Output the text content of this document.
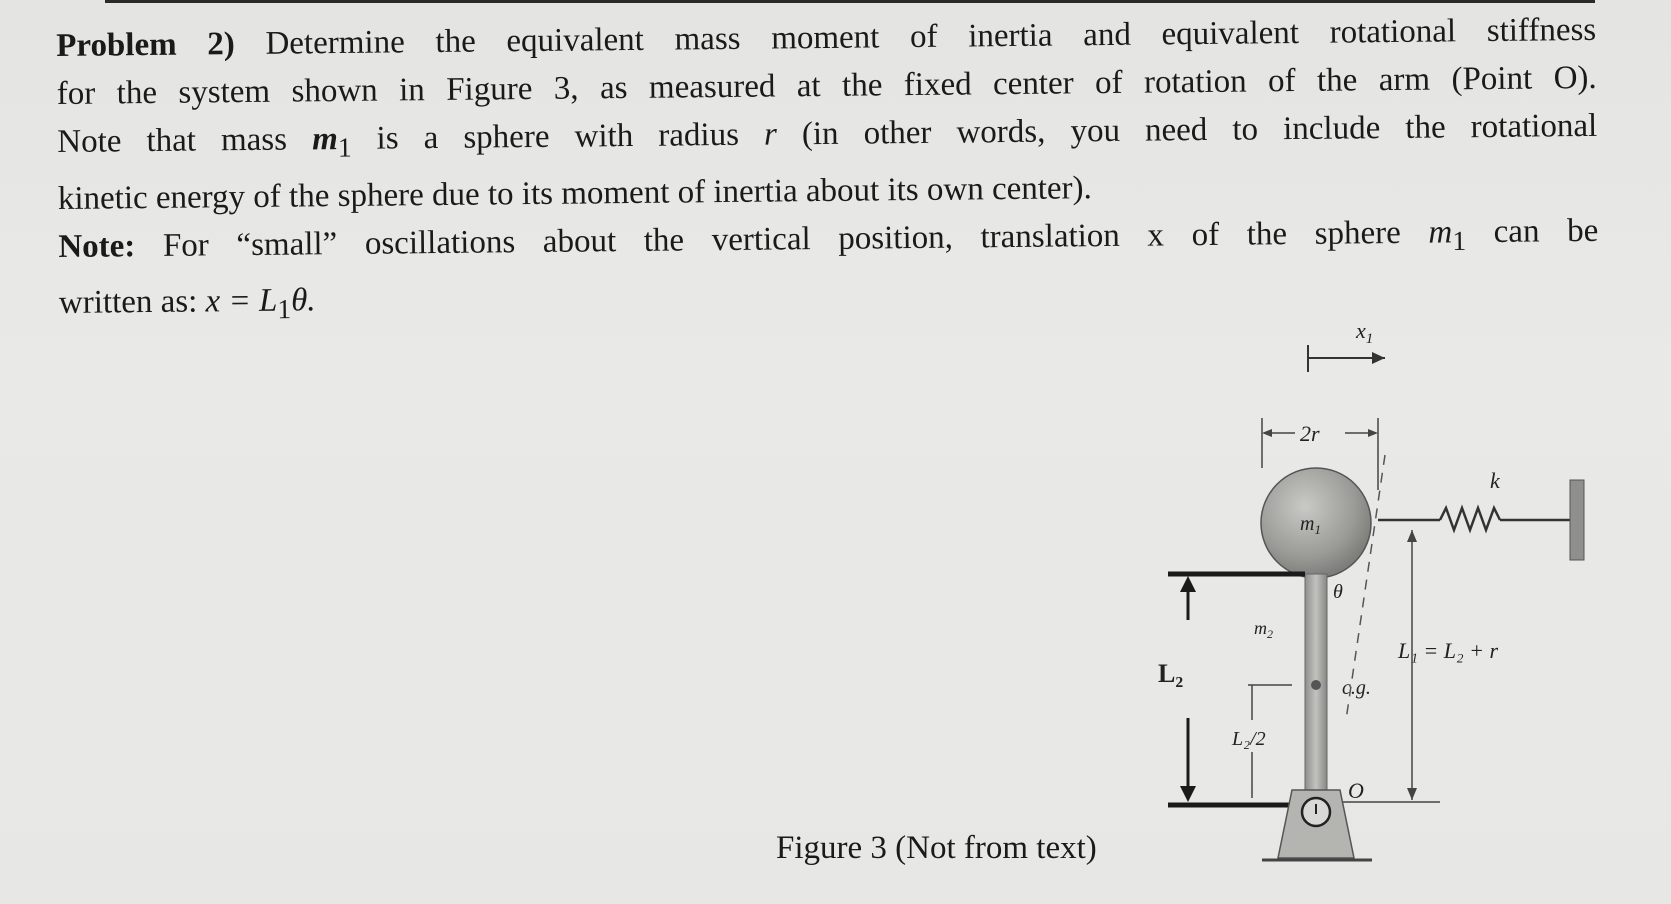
Problem 2) Determine the equivalent mass moment of inertia and equivalent rotational stiffness
for the system shown in Figure 3, as measured at the fixed center of rotation of the arm (Point O).
Note that mass $m_1$ is a sphere with radius r (in other words, you need to include the rotational
kinetic energy of the sphere due to its moment of inertia about its own center).
Note: For “small” oscillations about the vertical position, translation x of the sphere $m_1$ can be
written as: $x = L_1\theta$.
Figure 3 (Not from text)
$x_1$
2r
$m_1$
k
θ
$m_2$
c.g.
L₂/2
L₂
L₁ = L₂ + r
O
